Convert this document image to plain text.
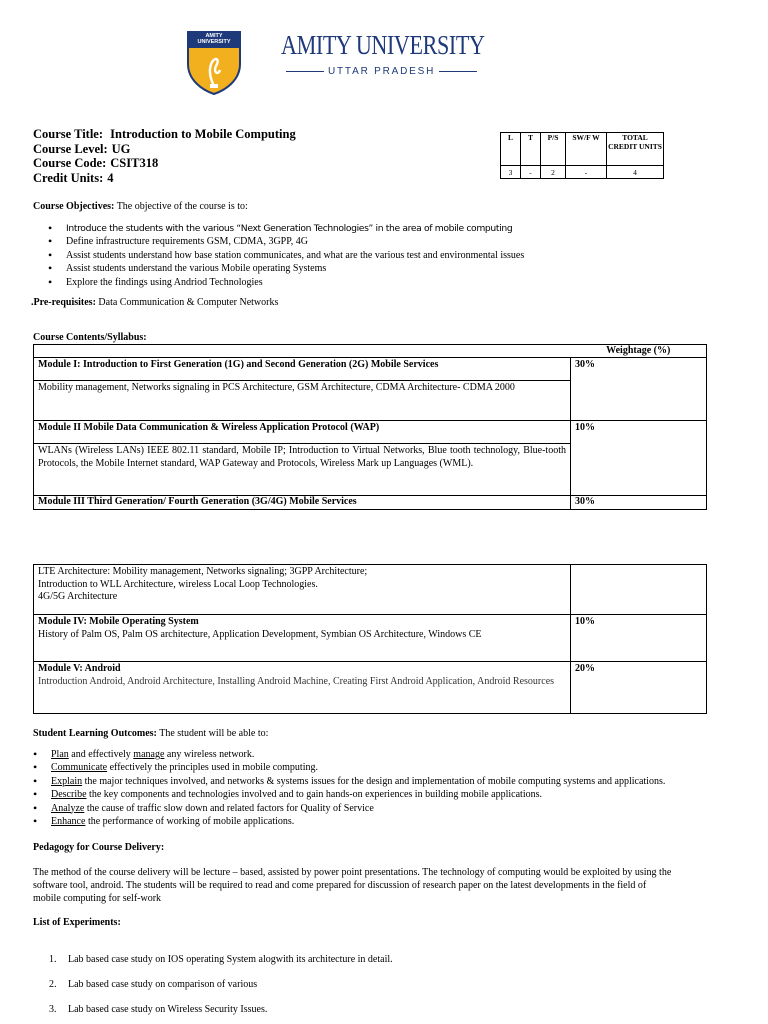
AMITY UNIVERSITY AMITY UNIVERSITY
UTTAR PRADESH
Course Title: Introduction to Mobile Computing
Course Level: UG
Course Code: CSIT318
Credit Units: 4
L	T	P/S	SW/F W	TOTAL CREDIT UNITS
3	-	2	-	4
Course Objectives: The objective of the course is to:
• Introduce the students with the various “Next Generation Technologies” in the area of mobile computing
• Define infrastructure requirements GSM, CDMA, 3GPP, 4G
• Assist students understand how base station communicates, and what are the various test and environmental issues
• Assist students understand the various Mobile operating Systems
• Explore the findings using Andriod Technologies
.Pre-requisites: Data Communication & Computer Networks
Course Contents/Syllabus:
	Weightage (%)
Module I: Introduction to First Generation (1G) and Second Generation (2G) Mobile Services	30%
Mobility management, Networks signaling in PCS Architecture, GSM Architecture, CDMA Architecture- CDMA 2000	
Module II Mobile Data Communication & Wireless Application Protocol (WAP)	10%
WLANs (Wireless LANs) IEEE 802.11 standard, Mobile IP; Introduction to Virtual Networks, Blue tooth technology, Blue-tooth Protocols, the Mobile Internet standard, WAP Gateway and Protocols, Wireless Mark up Languages (WML).	
Module III Third Generation/ Fourth Generation (3G/4G) Mobile Services	30%
LTE Architecture: Mobility management, Networks signaling; 3GPP Architecture;
Introduction to WLL Architecture, wireless Local Loop Technologies.
4G/5G Architecture	

Module IV: Mobile Operating System
History of Palm OS, Palm OS architecture, Application Development, Symbian OS Architecture, Windows CE	10%

Module V: Android
Introduction Android, Android Architecture, Installing Android Machine, Creating First Android Application, Android Resources	20%
Student Learning Outcomes: The student will be able to:
• Plan and effectively manage any wireless network.
• Communicate effectively the principles used in mobile computing.
• Explain the major techniques involved, and networks & systems issues for the design and implementation of mobile computing systems and applications.
• Describe the key components and technologies involved and to gain hands-on experiences in building mobile applications.
• Analyze the cause of traffic slow down and related factors for Quality of Service
• Enhance the performance of working of mobile applications.
Pedagogy for Course Delivery:
The method of the course delivery will be lecture – based, assisted by power point presentations. The technology of computing would be exploited by using the
software tool, android. The students will be required to read and come prepared for discussion of research paper on the latest developments in the field of
mobile computing for self-work
List of Experiments:
1. Lab based case study on IOS operating System alogwith its architecture in detail.
2. Lab based case study on comparison of various
3. Lab based case study on Wireless Security Issues.
